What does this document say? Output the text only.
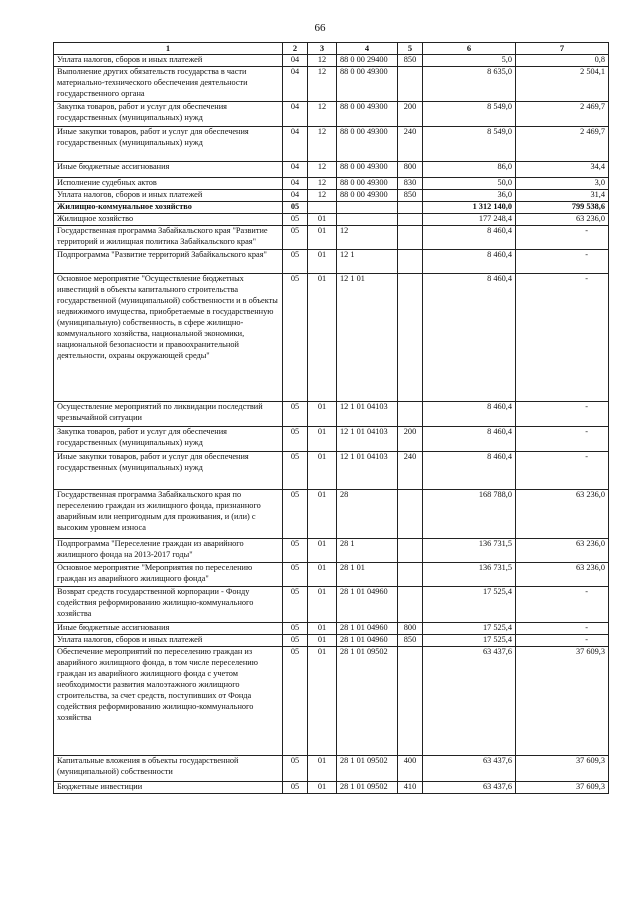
66
1	2	3	4	5	6	7
Уплата налогов, сборов и иных платежей	04	12	88 0 00 29400	850	5,0	0,8
Выполнение других обязательств государства в части материально-технического обеспечения деятельности государственного органа	04	12	88 0 00 49300		8 635,0	2 504,1
Закупка товаров, работ и услуг для обеспечения государственных (муниципальных) нужд	04	12	88 0 00 49300	200	8 549,0	2 469,7
Иные закупки товаров, работ и услуг для обеспечения государственных (муниципальных) нужд	04	12	88 0 00 49300	240	8 549,0	2 469,7
Иные бюджетные ассигнования	04	12	88 0 00 49300	800	86,0	34,4
Исполнение судебных актов	04	12	88 0 00 49300	830	50,0	3,0
Уплата налогов, сборов и иных платежей	04	12	88 0 00 49300	850	36,0	31,4
Жилищно-коммунальное хозяйство	05				1 312 140,0	799 538,6
Жилищное хозяйство	05	01			177 248,4	63 236,0
Государственная программа Забайкальского края "Развитие территорий и жилищная политика Забайкальского края"	05	01	12		8 460,4	-
Подпрограмма "Развитие территорий Забайкальского края"	05	01	12 1		8 460,4	-
Основное мероприятие "Осуществление бюджетных инвестиций в объекты капитального строительства государственной (муниципальной) собственности и в объекты недвижимого имущества, приобретаемые в государственную (муниципальную) собственность, в сфере жилищно-коммунального хозяйства, национальной экономики, национальной безопасности и правоохранительной деятельности, охраны окружающей среды"	05	01	12 1 01		8 460,4	-
Осуществление мероприятий по ликвидации последствий чрезвычайной ситуации	05	01	12 1 01 04103		8 460,4	-
Закупка товаров, работ и услуг для обеспечения государственных (муниципальных) нужд	05	01	12 1 01 04103	200	8 460,4	-
Иные закупки товаров, работ и услуг для обеспечения государственных (муниципальных) нужд	05	01	12 1 01 04103	240	8 460,4	-
Государственная программа Забайкальского края по переселению граждан из жилищного фонда, признанного аварийным или непригодным для проживания, и (или) с высоким уровнем износа	05	01	28		168 788,0	63 236,0
Подпрограмма "Переселение граждан из аварийного жилищного фонда на 2013-2017 годы"	05	01	28 1		136 731,5	63 236,0
Основное мероприятие "Мероприятия по переселению граждан из аварийного жилищного фонда"	05	01	28 1 01		136 731,5	63 236,0
Возврат средств государственной корпорации - Фонду содействия реформированию жилищно-коммунального хозяйства	05	01	28 1 01 04960		17 525,4	-
Иные бюджетные ассигнования	05	01	28 1 01 04960	800	17 525,4	-
Уплата налогов, сборов и иных платежей	05	01	28 1 01 04960	850	17 525,4	-
Обеспечение мероприятий по переселению граждан из аварийного жилищного фонда, в том числе переселению граждан из аварийного жилищного фонда с учетом необходимости развития малоэтажного жилищного строительства, за счет средств, поступивших от Фонда содействия реформированию жилищно-коммунального хозяйства	05	01	28 1 01 09502		63 437,6	37 609,3
Капитальные вложения в объекты государственной (муниципальной) собственности	05	01	28 1 01 09502	400	63 437,6	37 609,3
Бюджетные инвестиции	05	01	28 1 01 09502	410	63 437,6	37 609,3
